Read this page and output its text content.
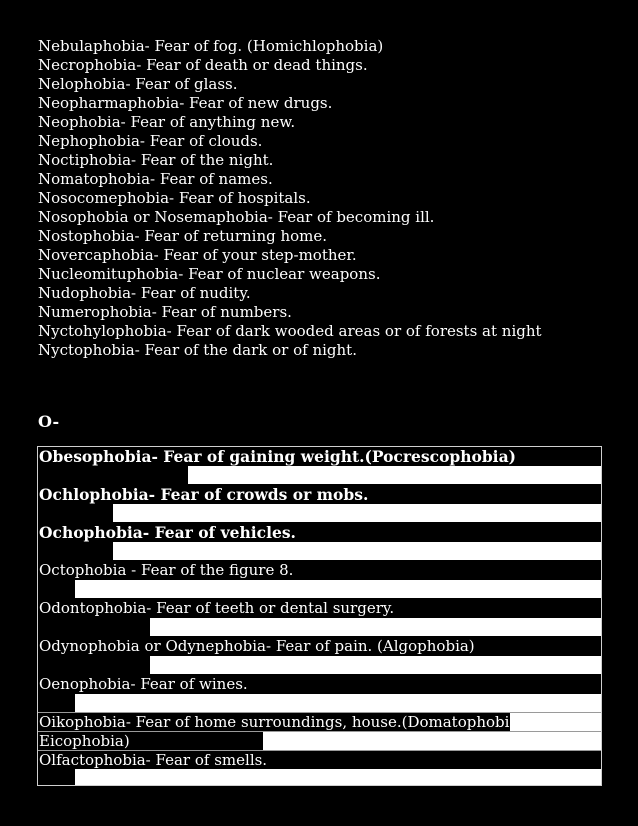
Nebulaphobia- Fear of fog. (Homichlophobia)
Necrophobia- Fear of death or dead things.
Nelophobia- Fear of glass.
Neopharmaphobia- Fear of new drugs.
Neophobia- Fear of anything new.
Nephophobia- Fear of clouds.
Noctiphobia- Fear of the night.
Nomatophobia- Fear of names.
Nosocomephobia- Fear of hospitals.
Nosophobia or Nosemaphobia- Fear of becoming ill.
Nostophobia- Fear of returning home.
Novercaphobia- Fear of your step-mother.
Nucleomituphobia- Fear of nuclear weapons.
Nudophobia- Fear of nudity.
Numerophobia- Fear of numbers.
Nyctohylophobia- Fear of dark wooded areas or of forests at night
Nyctophobia- Fear of the dark or of night.
O-
Obesophobia- Fear of gaining weight.(Pocrescophobia)
Ochlophobia- Fear of crowds or mobs.
Ochophobia- Fear of vehicles.
Octophobia - Fear of the figure 8.
Odontophobia- Fear of teeth or dental surgery.
Odynophobia or Odynephobia- Fear of pain. (Algophobia)
Oenophobia- Fear of wines.
Oikophobia- Fear of home surroundings, house.(Domatophobia,
Eicophobia)
Olfactophobia- Fear of smells.
